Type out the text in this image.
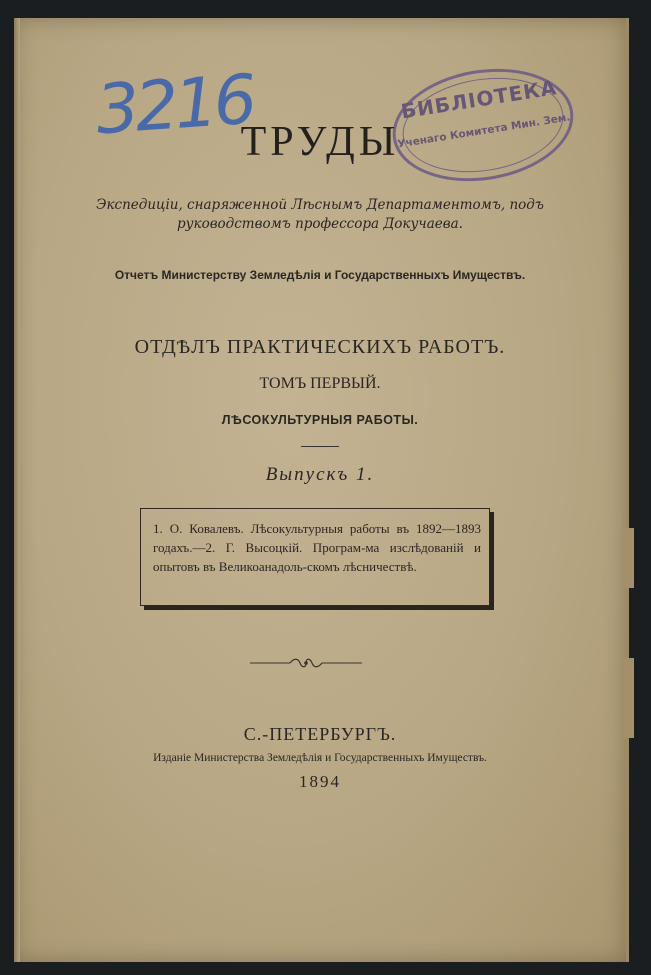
3216	БИБЛІОТЕКА
Ученаго Комитета Мин. Зем.
ТРУДЫ
Экспедиціи, снаряженной Лѣснымъ Департаментомъ, подъ руководствомъ профессора Докучаева.
Отчетъ Министерству Земледѣлія и Государственныхъ Имуществъ.
ОТДѢЛЪ ПРАКТИЧЕСКИХЪ РАБОТЪ.
ТОМЪ ПЕРВЫЙ.
ЛѢСОКУЛЬТУРНЫЯ РАБОТЫ.
Выпускъ 1.
1. О. Ковалевъ. Лѣсокультурныя работы въ 1892—1893 годахъ.—2. Г. Высоцкій. Програм-ма изслѣдованій и опытовъ въ Великоанадоль-скомъ лѣсничествѣ.
С.-ПЕТЕРБУРГЪ.
Изданіе Министерства Земледѣлія и Государственныхъ Имуществъ.
1894
